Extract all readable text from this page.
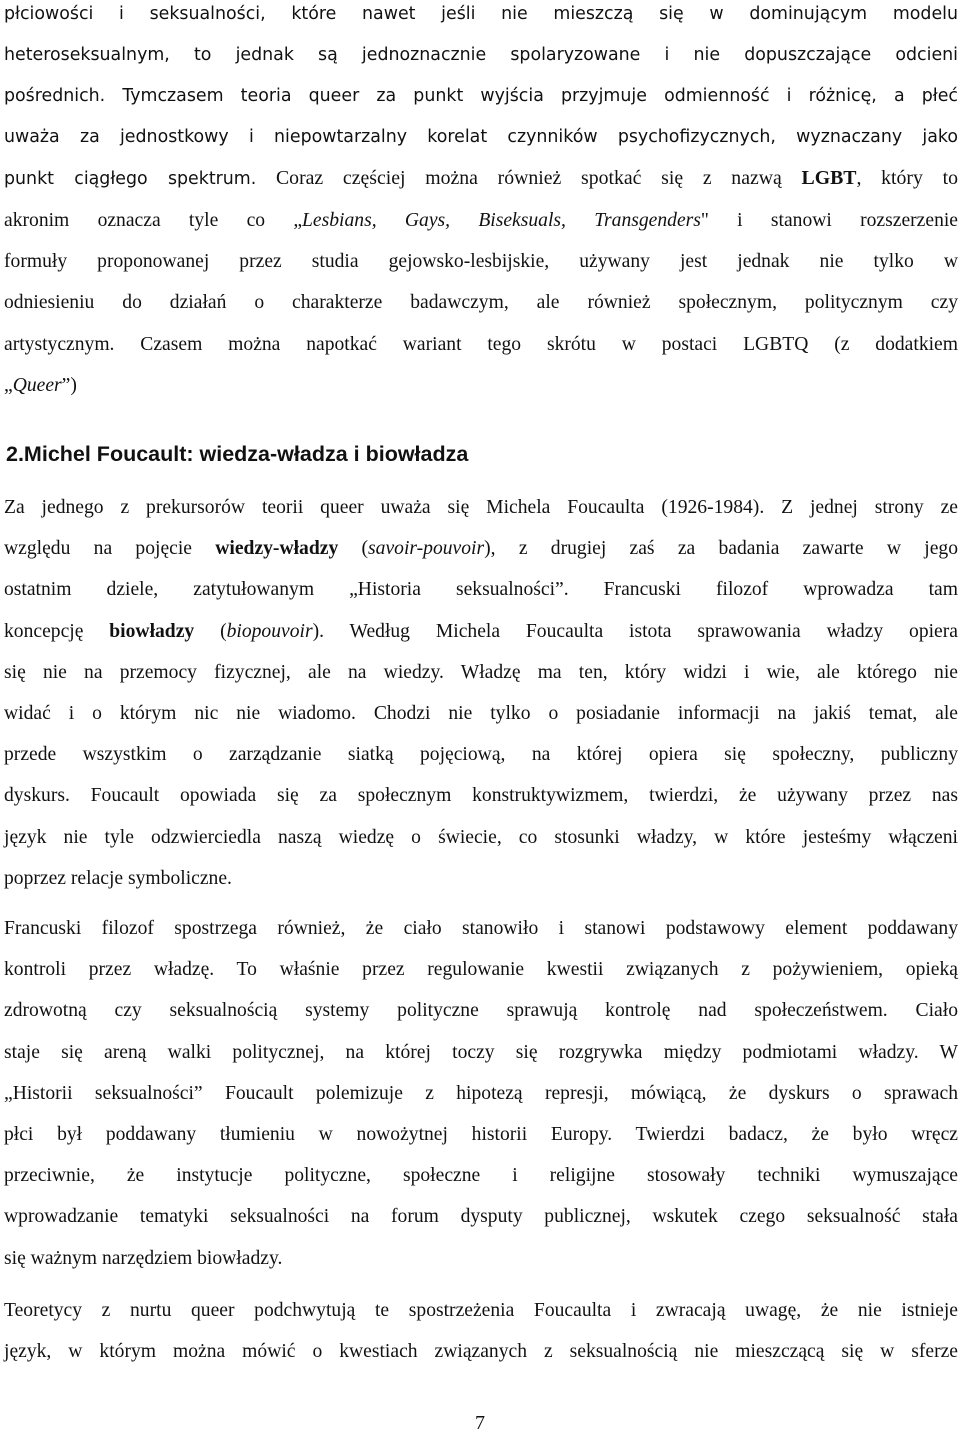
płciowości i seksualności, które nawet jeśli nie mieszczą się w dominującym modelu

heteroseksualnym, to jednak są jednoznacznie spolaryzowane i nie dopuszczające odcieni

pośrednich. Tymczasem teoria queer za punkt wyjścia przyjmuje odmienność i różnicę, a płeć

uważa za jednostkowy i niepowtarzalny korelat czynników psychofizycznych, wyznaczany jako

punkt ciągłego spektrum. Coraz częściej można również spotkać się z nazwą LGBT, który to

akronim oznacza tyle co „Lesbians, Gays, Biseksuals, Transgenders" i stanowi rozszerzenie

formuły proponowanej przez studia gejowsko-lesbijskie, używany jest jednak nie tylko w

odniesieniu do działań o charakterze badawczym, ale również społecznym, politycznym czy

artystycznym. Czasem można napotkać wariant tego skrótu w postaci LGBTQ (z dodatkiem

„Queer”)

2.Michel Foucault: wiedza-władza i biowładza

Za jednego z prekursorów teorii queer uważa się Michela Foucaulta (1926-1984). Z jednej strony ze

względu na pojęcie wiedzy-władzy (savoir-pouvoir), z drugiej zaś za badania zawarte w jego

ostatnim dziele, zatytułowanym „Historia seksualności”. Francuski filozof wprowadza tam

koncepcję biowładzy (biopouvoir). Według Michela Foucaulta istota sprawowania władzy opiera

się nie na przemocy fizycznej, ale na wiedzy. Władzę ma ten, który widzi i wie, ale którego nie

widać i o którym nic nie wiadomo. Chodzi nie tylko o posiadanie informacji na jakiś temat, ale

przede wszystkim o zarządzanie siatką pojęciową, na której opiera się społeczny, publiczny

dyskurs. Foucault opowiada się za społecznym konstruktywizmem, twierdzi, że używany przez nas

język nie tyle odzwierciedla naszą wiedzę o świecie, co stosunki władzy, w które jesteśmy włączeni

poprzez relacje symboliczne.

Francuski filozof spostrzega również, że ciało stanowiło i stanowi podstawowy element poddawany

kontroli przez władzę. To właśnie przez regulowanie kwestii związanych z pożywieniem, opieką

zdrowotną czy seksualnością systemy polityczne sprawują kontrolę nad społeczeństwem. Ciało

staje się areną walki politycznej, na której toczy się rozgrywka między podmiotami władzy. W

„Historii seksualności” Foucault polemizuje z hipotezą represji, mówiącą, że dyskurs o sprawach

płci był poddawany tłumieniu w nowożytnej historii Europy. Twierdzi badacz, że było wręcz

przeciwnie, że instytucje polityczne, społeczne i religijne stosowały techniki wymuszające

wprowadzanie tematyki seksualności na forum dysputy publicznej, wskutek czego seksualność stała

się ważnym narzędziem biowładzy.

Teoretycy z nurtu queer podchwytują te spostrzeżenia Foucaulta i zwracają uwagę, że nie istnieje

język, w którym można mówić o kwestiach związanych z seksualnością nie mieszczącą się w sferze

7
